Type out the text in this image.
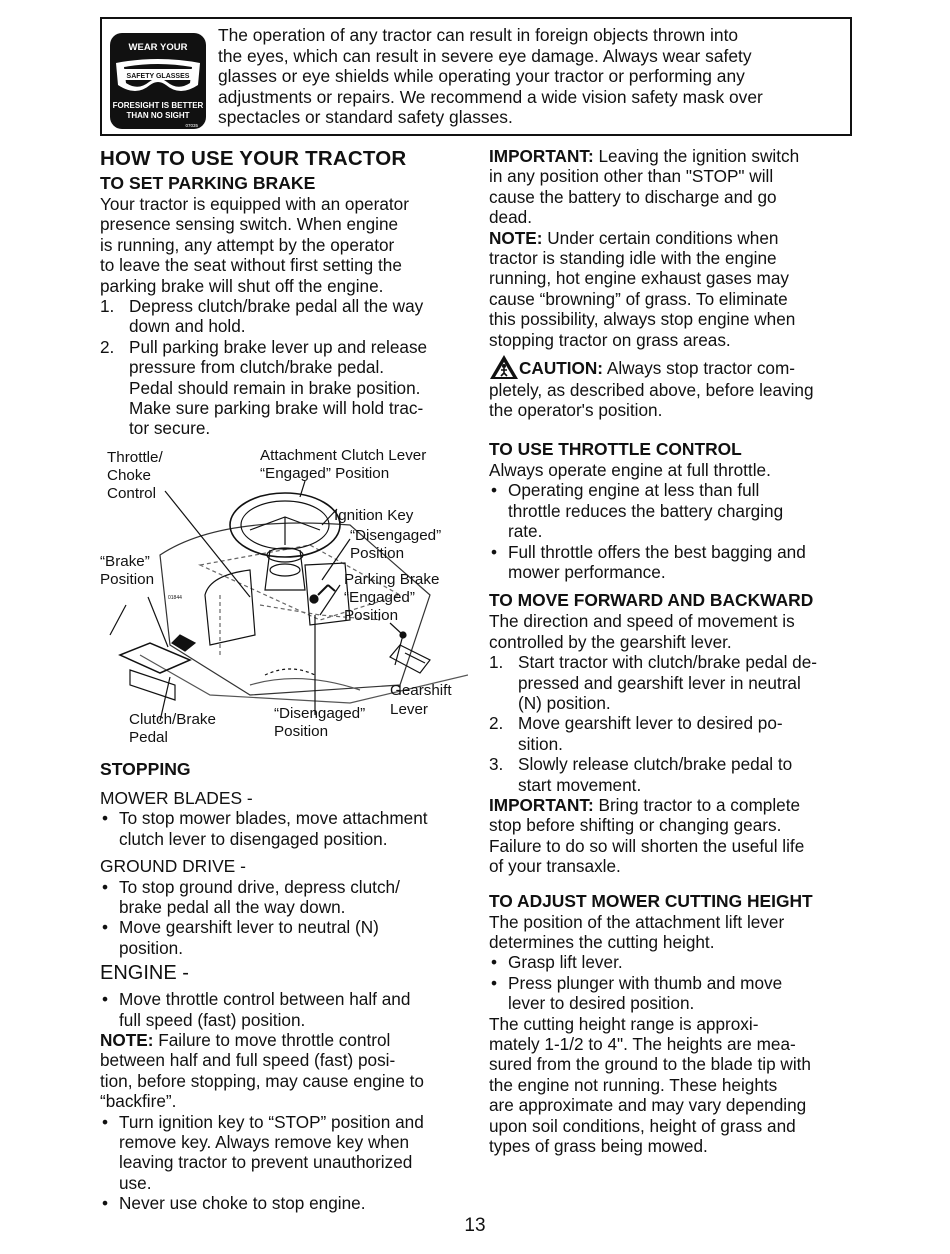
WEAR YOUR
SAFETY GLASSES
FORESIGHT IS BETTER
THAN NO SIGHT
07035
The operation of any tractor can result in foreign objects thrown into
the eyes, which can result in severe eye damage. Always wear safety
glasses or eye shields while operating your tractor or performing any
adjustments or repairs. We recommend a wide vision safety mask over
spectacles or standard safety glasses.
HOW TO USE YOUR TRACTOR
TO SET PARKING BRAKE
Your tractor is equipped with an operator
presence sensing switch. When engine
is running, any attempt by the operator
to leave the seat without first setting the
parking brake will shut off the engine.
1. Depress clutch/brake pedal all the way
down and hold.
2. Pull parking brake lever up and release
pressure from clutch/brake pedal.
Pedal should remain in brake position.
Make sure parking brake will hold trac-
tor secure.
Throttle/
Choke
Control
Attachment Clutch Lever
“Engaged” Position
Ignition Key
“Disengaged”
Position
“Brake”
Position
01844
Parking Brake
“Engaged”
Position
Gearshift
Lever
Clutch/Brake
Pedal
“Disengaged”
Position
STOPPING
MOWER BLADES -
• To stop mower blades, move attachment
clutch lever to disengaged position.
GROUND DRIVE -
• To stop ground drive, depress clutch/
brake pedal all the way down.
• Move gearshift lever to neutral (N)
position.
ENGINE -
• Move throttle control between half and
full speed (fast) position.
NOTE: Failure to move throttle control
between half and full speed (fast) posi-
tion, before stopping, may cause engine to
“backfire”.
• Turn ignition key to “STOP” position and
remove key. Always remove key when
leaving tractor to prevent unauthorized
use.
• Never use choke to stop engine.
IMPORTANT: Leaving the ignition switch
in any position other than "STOP" will
cause the battery to discharge and go
dead.
NOTE: Under certain conditions when
tractor is standing idle with the engine
running, hot engine exhaust gases may
cause “browning” of grass. To eliminate
this possibility, always stop engine when
stopping tractor on grass areas.
CAUTION: Always stop tractor com-
pletely, as described above, before leaving
the operator's position.
TO USE THROTTLE CONTROL
Always operate engine at full throttle.
• Operating engine at less than full
throttle reduces the battery charging
rate.
• Full throttle offers the best bagging and
mower performance.
TO MOVE FORWARD AND BACKWARD
The direction and speed of movement is
controlled by the gearshift lever.
1. Start tractor with clutch/brake pedal de-
pressed and gearshift lever in neutral
(N) position.
2. Move gearshift lever to desired po-
sition.
3. Slowly release clutch/brake pedal to
start movement.
IMPORTANT: Bring tractor to a complete
stop before shifting or changing gears.
Failure to do so will shorten the useful life
of your transaxle.
TO ADJUST MOWER CUTTING HEIGHT
The position of the attachment lift lever
determines the cutting height.
• Grasp lift lever.
• Press plunger with thumb and move
lever to desired position.
The cutting height range is approxi-
mately 1-1/2 to 4". The heights are mea-
sured from the ground to the blade tip with
the engine not running. These heights
are approximate and may vary depending
upon soil conditions, height of grass and
types of grass being mowed.
13
